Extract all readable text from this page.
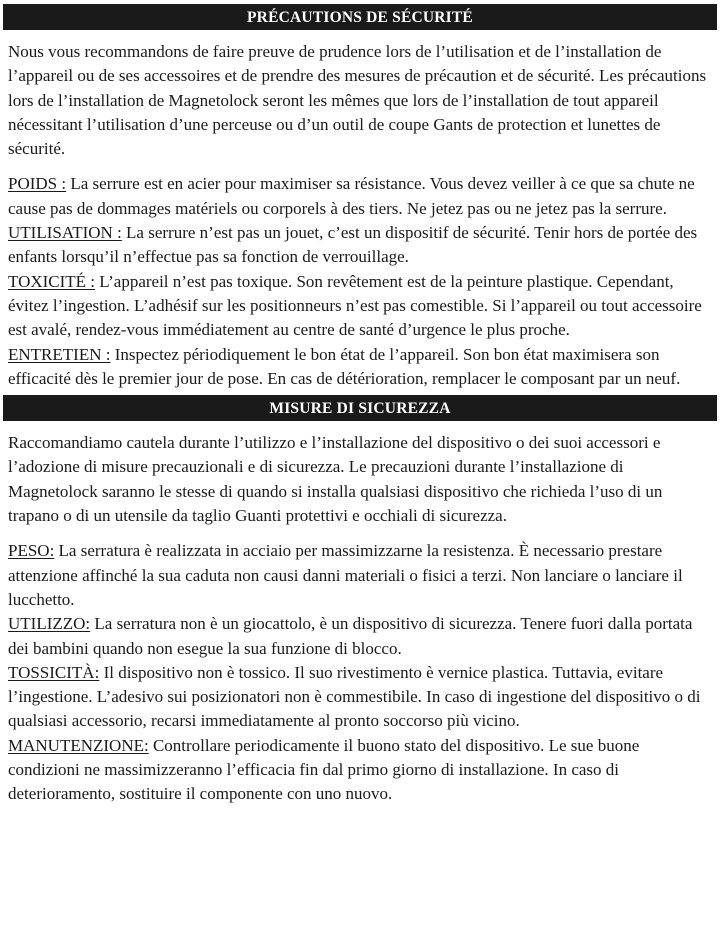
PRÉCAUTIONS DE SÉCURITÉ

Nous vous recommandons de faire preuve de prudence lors de l’utilisation et de l’installation de l’appareil ou de ses accessoires et de prendre des mesures de précaution et de sécurité. Les précautions lors de l’installation de Magnetolock seront les mêmes que lors de l’installation de tout appareil nécessitant l’utilisation d’une perceuse ou d’un outil de coupe Gants de protection et lunettes de sécurité.

POIDS : La serrure est en acier pour maximiser sa résistance. Vous devez veiller à ce que sa chute ne cause pas de dommages matériels ou corporels à des tiers. Ne jetez pas ou ne jetez pas la serrure.

UTILISATION : La serrure n’est pas un jouet, c’est un dispositif de sécurité. Tenir hors de portée des enfants lorsqu’il n’effectue pas sa fonction de verrouillage.

TOXICITÉ : L’appareil n’est pas toxique. Son revêtement est de la peinture plastique. Cependant, évitez l’ingestion. L’adhésif sur les positionneurs n’est pas comestible. Si l’appareil ou tout accessoire est avalé, rendez-vous immédiatement au centre de santé d’urgence le plus proche.

ENTRETIEN : Inspectez périodiquement le bon état de l’appareil. Son bon état maximisera son efficacité dès le premier jour de pose. En cas de détérioration, remplacer le composant par un neuf.

MISURE DI SICUREZZA

Raccomandiamo cautela durante l’utilizzo e l’installazione del dispositivo o dei suoi accessori e l’adozione di misure precauzionali e di sicurezza. Le precauzioni durante l’installazione di Magnetolock saranno le stesse di quando si installa qualsiasi dispositivo che richieda l’uso di un trapano o di un utensile da taglio Guanti protettivi e occhiali di sicurezza.

PESO: La serratura è realizzata in acciaio per massimizzarne la resistenza. È necessario prestare attenzione affinché la sua caduta non causi danni materiali o fisici a terzi. Non lanciare o lanciare il lucchetto.

UTILIZZO: La serratura non è un giocattolo, è un dispositivo di sicurezza. Tenere fuori dalla portata dei bambini quando non esegue la sua funzione di blocco.

TOSSICITÀ: Il dispositivo non è tossico. Il suo rivestimento è vernice plastica. Tuttavia, evitare l’ingestione. L’adesivo sui posizionatori non è commestibile. In caso di ingestione del dispositivo o di qualsiasi accessorio, recarsi immediatamente al pronto soccorso più vicino.

MANUTENZIONE: Controllare periodicamente il buono stato del dispositivo. Le sue buone condizioni ne massimizzeranno l’efficacia fin dal primo giorno di installazione. In caso di deterioramento, sostituire il componente con uno nuovo.
